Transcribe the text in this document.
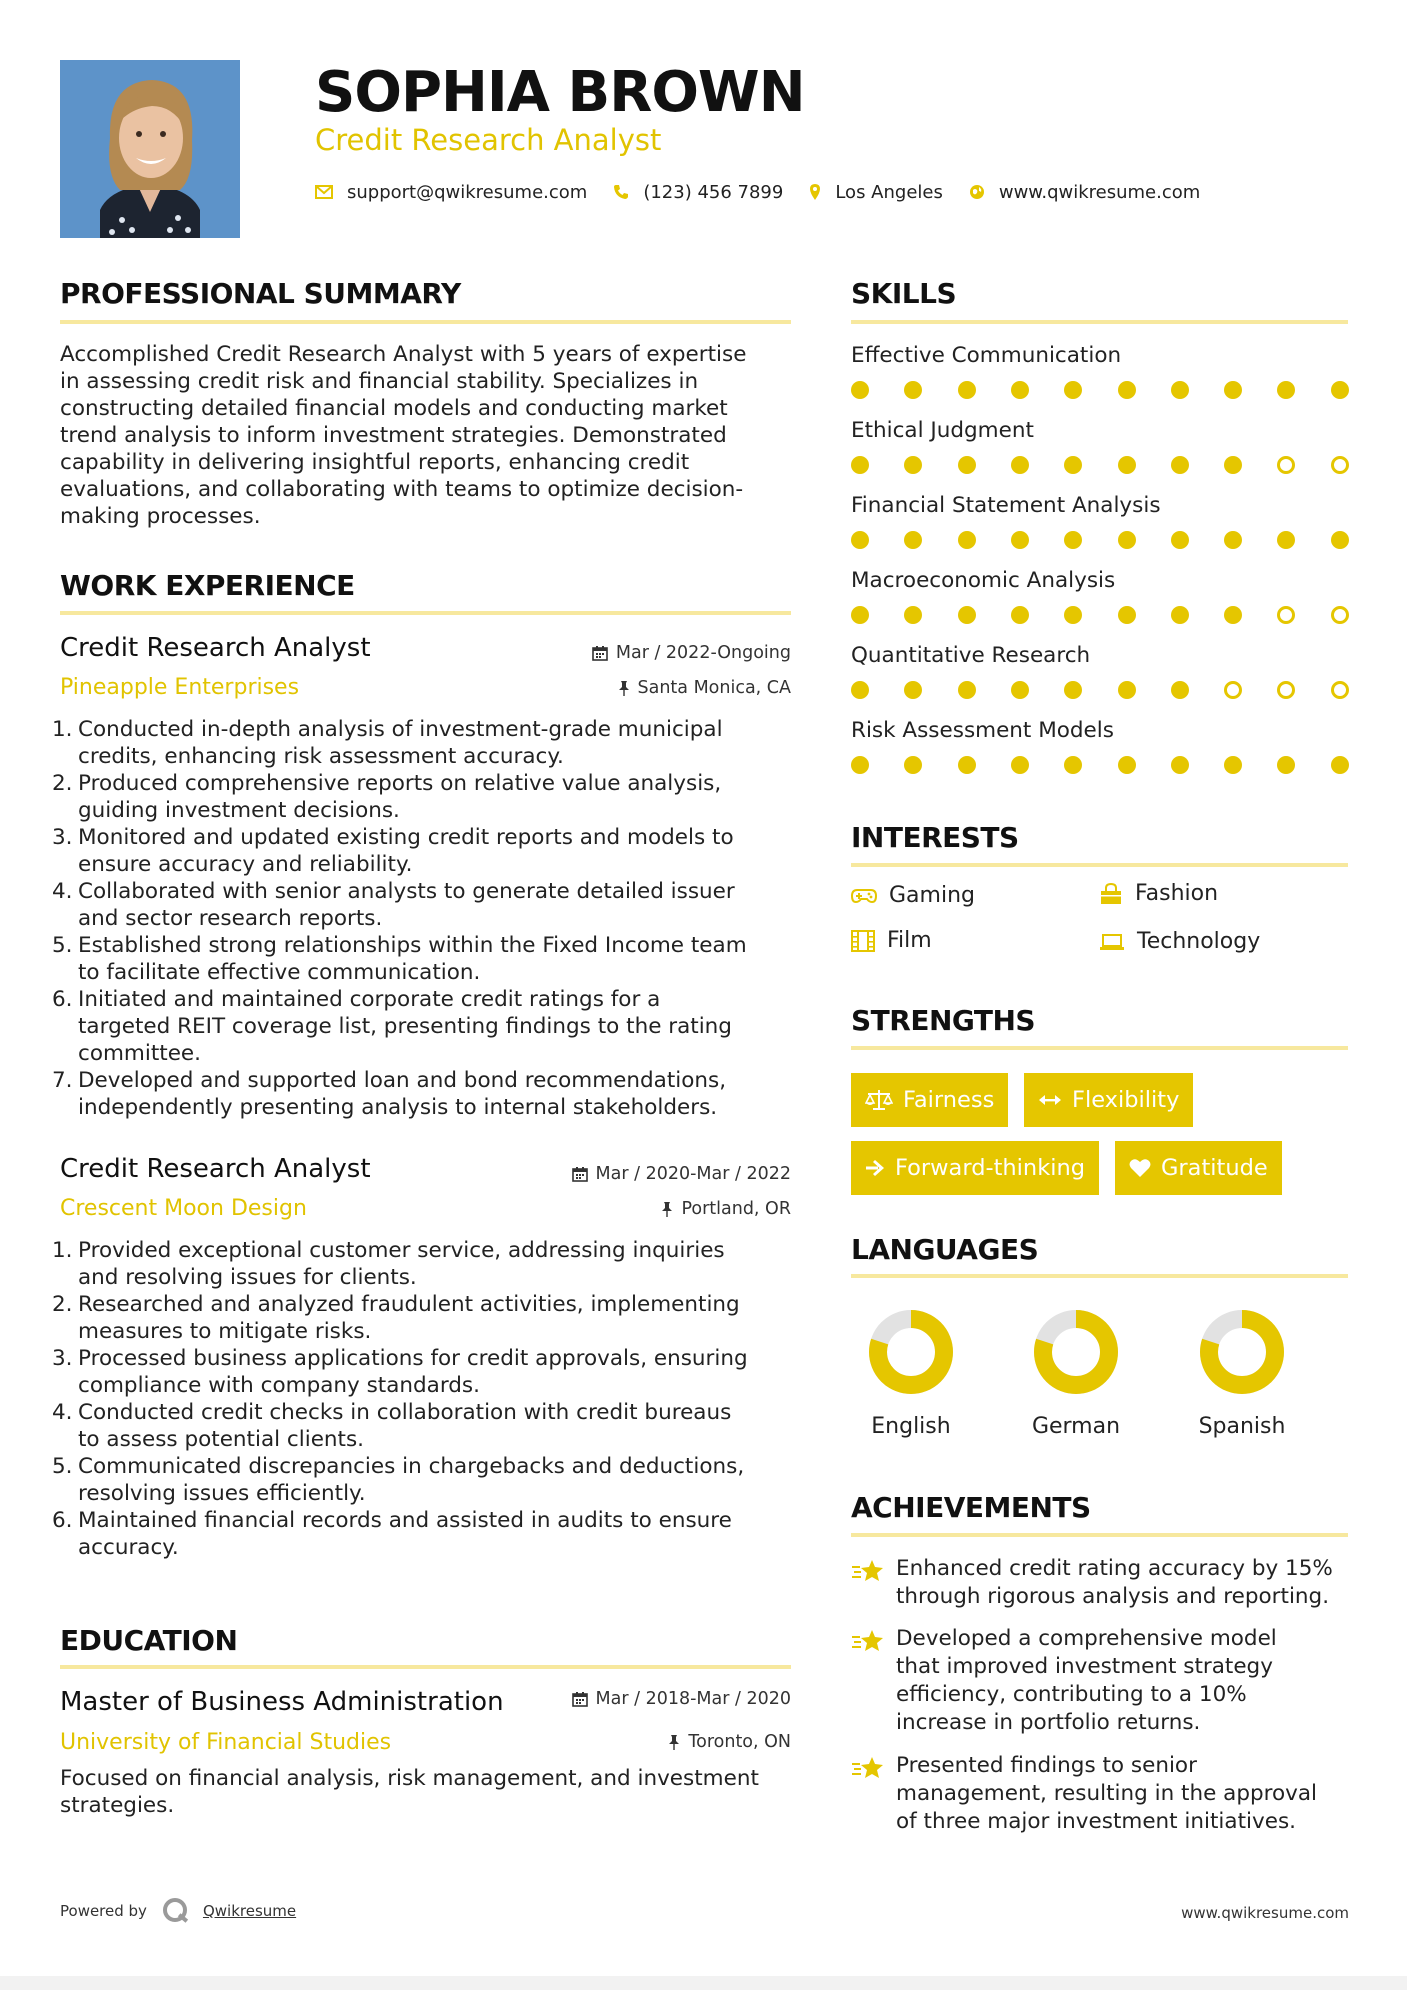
SOPHIA BROWN
Credit Research Analyst
support@qwikresume.com	(123) 456 7899	Los Angeles	www.qwikresume.com
PROFESSIONAL SUMMARY
Accomplished Credit Research Analyst with 5 years of expertise
in assessing credit risk and financial stability. Specializes in
constructing detailed financial models and conducting market
trend analysis to inform investment strategies. Demonstrated
capability in delivering insightful reports, enhancing credit
evaluations, and collaborating with teams to optimize decision-
making processes.
WORK EXPERIENCE
Credit Research Analyst	Mar / 2022-Ongoing
Pineapple Enterprises	Santa Monica, CA
1. Conducted in-depth analysis of investment-grade municipal
credits, enhancing risk assessment accuracy.
2. Produced comprehensive reports on relative value analysis,
guiding investment decisions.
3. Monitored and updated existing credit reports and models to
ensure accuracy and reliability.
4. Collaborated with senior analysts to generate detailed issuer
and sector research reports.
5. Established strong relationships within the Fixed Income team
to facilitate effective communication.
6. Initiated and maintained corporate credit ratings for a
targeted REIT coverage list, presenting findings to the rating
committee.
7. Developed and supported loan and bond recommendations,
independently presenting analysis to internal stakeholders.
Credit Research Analyst	Mar / 2020-Mar / 2022
Crescent Moon Design	Portland, OR
1. Provided exceptional customer service, addressing inquiries
and resolving issues for clients.
2. Researched and analyzed fraudulent activities, implementing
measures to mitigate risks.
3. Processed business applications for credit approvals, ensuring
compliance with company standards.
4. Conducted credit checks in collaboration with credit bureaus
to assess potential clients.
5. Communicated discrepancies in chargebacks and deductions,
resolving issues efficiently.
6. Maintained financial records and assisted in audits to ensure
accuracy.
EDUCATION
Master of Business Administration	Mar / 2018-Mar / 2020
University of Financial Studies	Toronto, ON
Focused on financial analysis, risk management, and investment
strategies.
SKILLS
Effective Communication
Ethical Judgment
Financial Statement Analysis
Macroeconomic Analysis
Quantitative Research
Risk Assessment Models
INTERESTS
Gaming	Fashion
Film	Technology
STRENGTHS
Fairness	Flexibility
Forward-thinking	Gratitude
LANGUAGES
English	German	Spanish
ACHIEVEMENTS
Enhanced credit rating accuracy by 15%
through rigorous analysis and reporting.
Developed a comprehensive model
that improved investment strategy
efficiency, contributing to a 10%
increase in portfolio returns.
Presented findings to senior
management, resulting in the approval
of three major investment initiatives.
Powered by	Qwikresume	www.qwikresume.com
